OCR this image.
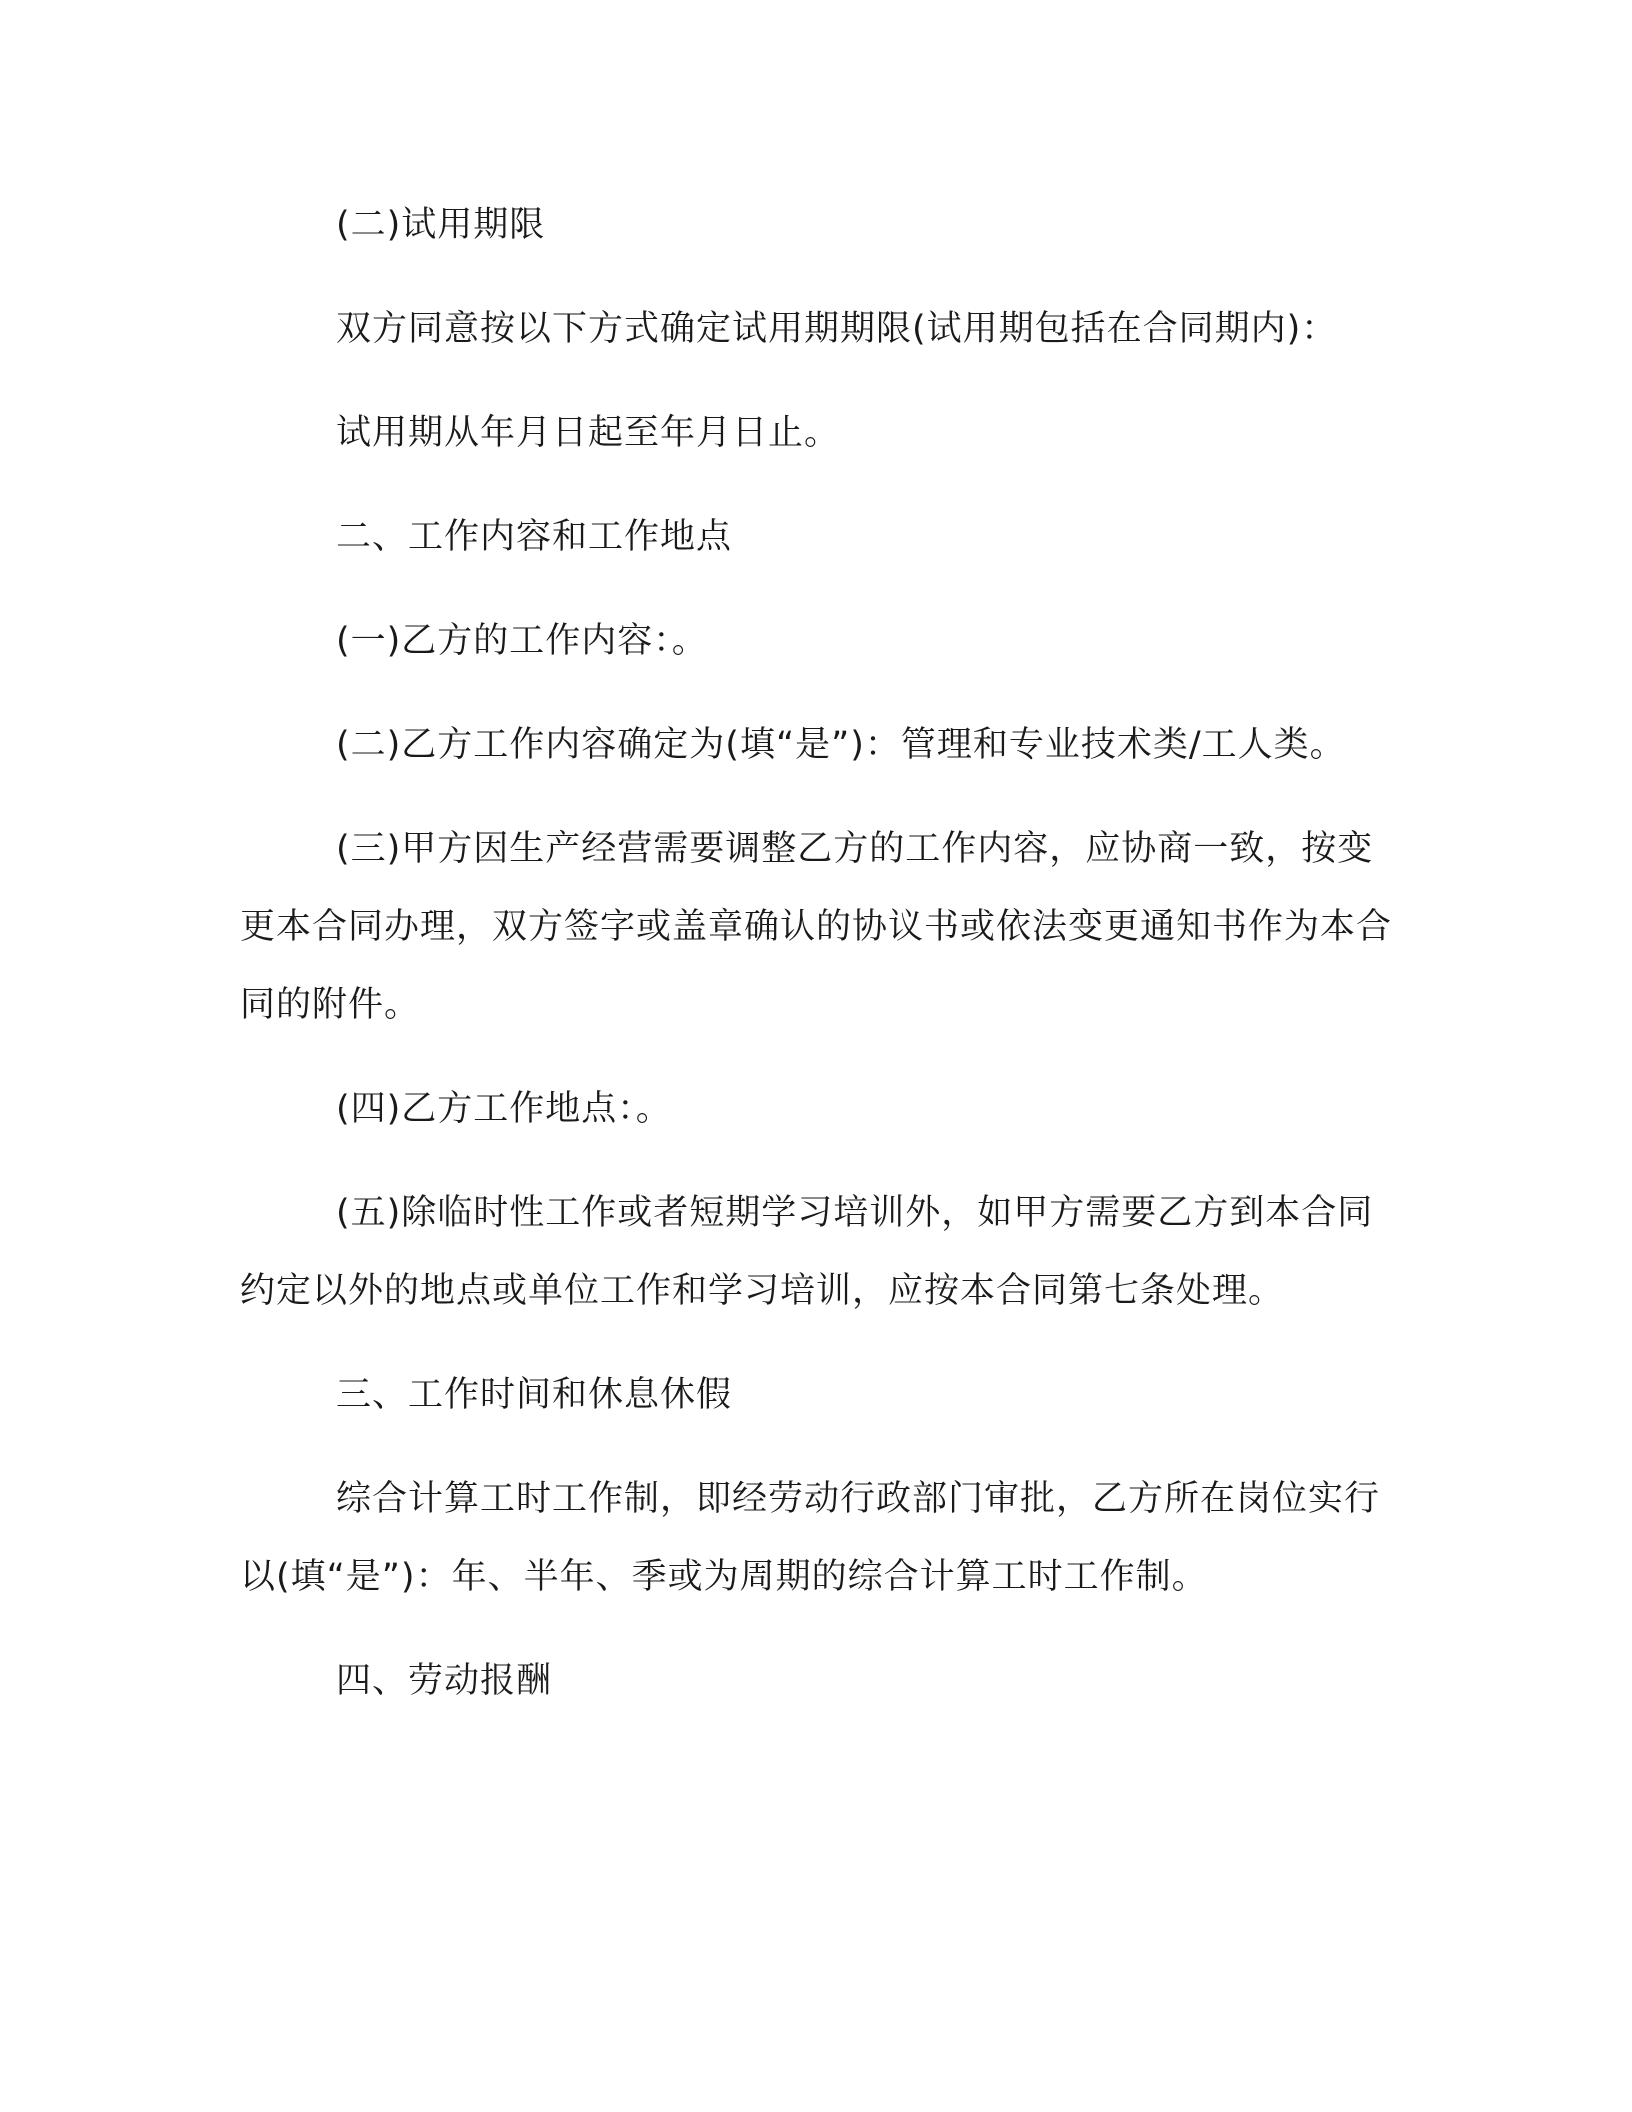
(二)试用期限

双方同意按以下方式确定试用期期限(试用期包括在合同期内)：

试用期从年月日起至年月日止。

二、工作内容和工作地点

(一)乙方的工作内容：。

(二)乙方工作内容确定为(填“是”)：管理和专业技术类/工人类。

(三)甲方因生产经营需要调整乙方的工作内容，应协商一致，按变更本合同办理，双方签字或盖章确认的协议书或依法变更通知书作为本合同的附件。

(四)乙方工作地点：。

(五)除临时性工作或者短期学习培训外，如甲方需要乙方到本合同约定以外的地点或单位工作和学习培训，应按本合同第七条处理。

三、工作时间和休息休假

综合计算工时工作制，即经劳动行政部门审批，乙方所在岗位实行以(填“是”)：年、半年、季或为周期的综合计算工时工作制。

四、劳动报酬
